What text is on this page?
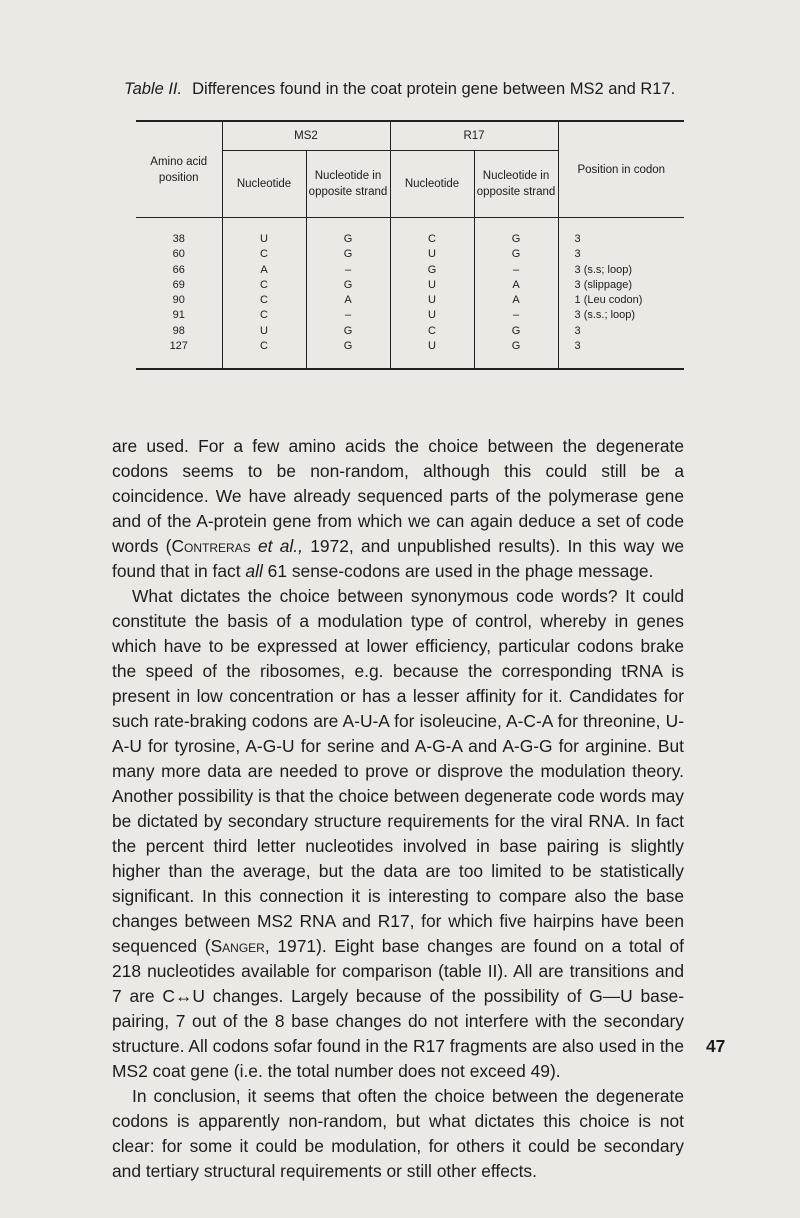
Table II. Differences found in the coat protein gene between MS2 and R17.
Amino acid position	MS2		R17		Position in codon
	Nucleotide	Nucleotide in opposite strand	Nucleotide	Nucleotide in opposite strand	
38	U	G	C	G	3
60	C	G	U	G	3
66	A	–	G	–	3 (s.s; loop)
69	C	G	U	A	3 (slippage)
90	C	A	U	A	1 (Leu codon)
91	C	–	U	–	3 (s.s.; loop)
98	U	G	C	G	3
127	C	G	U	G	3

are used. For a few amino acids the choice between the degenerate codons seems to be non-random, although this could still be a coincidence. We have already sequenced parts of the polymerase gene and of the A-protein gene from which we can again deduce a set of code words (Contreras et al., 1972, and unpublished results). In this way we found that in fact all 61 sense-codons are used in the phage message.

What dictates the choice between synonymous code words? It could constitute the basis of a modulation type of control, whereby in genes which have to be expressed at lower efficiency, particular codons brake the speed of the ribosomes, e.g. because the corresponding tRNA is present in low concentration or has a lesser affinity for it. Candidates for such rate-braking codons are A-U-A for isoleucine, A-C-A for threonine, U-A-U for tyrosine, A-G-U for serine and A-G-A and A-G-G for arginine. But many more data are needed to prove or disprove the modulation theory. Another possibility is that the choice between degenerate code words may be dictated by secondary structure requirements for the viral RNA. In fact the percent third letter nucleotides involved in base pairing is slightly higher than the average, but the data are too limited to be statistically significant. In this connection it is interesting to compare also the base changes between MS2 RNA and R17, for which five hairpins have been sequenced (Sanger, 1971). Eight base changes are found on a total of 218 nucleotides available for comparison (table II). All are transitions and 7 are C↔U changes. Largely because of the possibility of G—U base-pairing, 7 out of the 8 base changes do not interfere with the secondary structure. All codons sofar found in the R17 fragments are also used in the MS2 coat gene (i.e. the total number does not exceed 49).

In conclusion, it seems that often the choice between the degenerate codons is apparently non-random, but what dictates this choice is not clear: for some it could be modulation, for others it could be secondary and tertiary structural requirements or still other effects.

47
